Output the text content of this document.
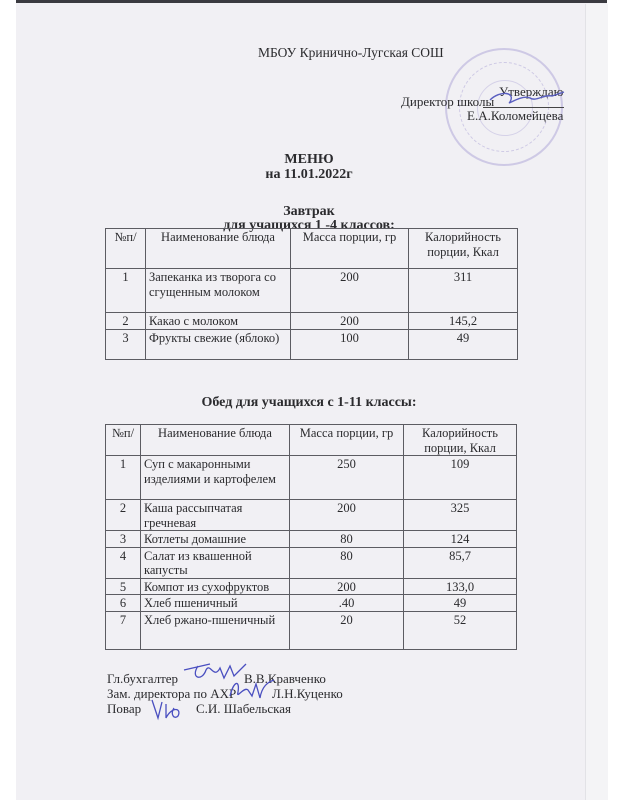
МБОУ Кринично-Лугская СОШ
Утверждаю
Директор школы
Е.А.Коломейцева
МЕНЮ
на 11.01.2022г
Завтрак
для учащихся 1 -4 классов:
№п/	Наименование блюда	Масса порции, гр	Калорийность порции, Ккал
1	Запеканка из творога со сгущенным молоком	200	311
2	Какао с молоком	200	145,2
3	Фрукты свежие (яблоко)	100	49
Обед для учащихся с 1-11 классы:
№п/	Наименование блюда	Масса порции, гр	Калорийность порции, Ккал
1	Суп с макаронными изделиями и картофелем	250	109
2	Каша рассыпчатая гречневая	200	325
3	Котлеты домашние	80	124
4	Салат из квашенной капусты	80	85,7
5	Компот из сухофруктов	200	133,0
6	Хлеб пшеничный	.40	49
7	Хлеб ржано-пшеничный	20	52
Гл.бухгалтер	В.В.Кравченко
Зам. директора по АХР	Л.Н.Куценко
Повар	С.И. Шабельская
